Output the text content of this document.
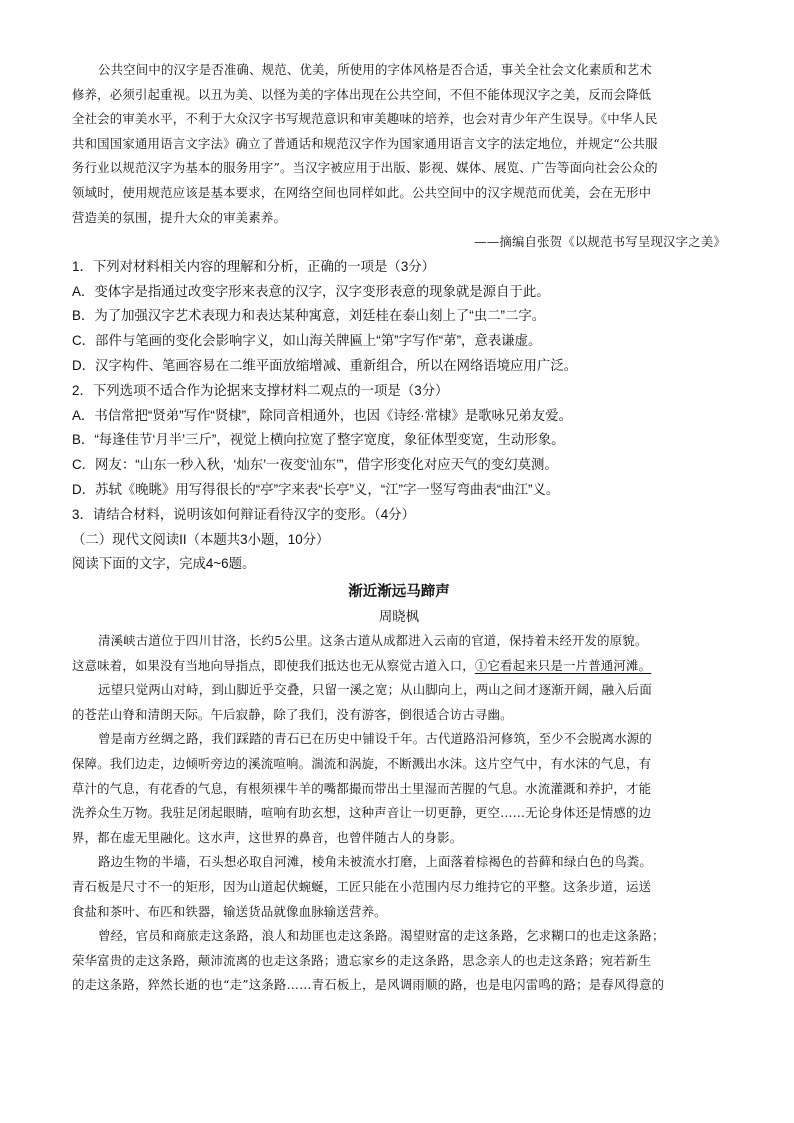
公共空间中的汉字是否准确、规范、优美，所使用的字体风格是否合适，事关全社会文化素质和艺术
修养，必须引起重视。以丑为美、以怪为美的字体出现在公共空间，不但不能体现汉字之美，反而会降低
全社会的审美水平，不利于大众汉字书写规范意识和审美趣味的培养，也会对青少年产生误导。《中华人民
共和国国家通用语言文字法》确立了普通话和规范汉字作为国家通用语言文字的法定地位，并规定“公共服
务行业以规范汉字为基本的服务用字”。当汉字被应用于出版、影视、媒体、展览、广告等面向社会公众的
领域时，使用规范应该是基本要求，在网络空间也同样如此。公共空间中的汉字规范而优美，会在无形中
营造美的氛围，提升大众的审美素养。

——摘编自张贺《以规范书写呈现汉字之美》

1．下列对材料相关内容的理解和分析，正确的一项是（3分）

A．变体字是指通过改变字形来表意的汉字，汉字变形表意的现象就是源自于此。

B．为了加强汉字艺术表现力和表达某种寓意，刘廷桂在泰山刻上了“虫二”二字。

C．部件与笔画的变化会影响字义，如山海关牌匾上“第”字写作“苐”，意表谦虚。

D．汉字构件、笔画容易在二维平面放缩增减、重新组合，所以在网络语境应用广泛。

2．下列选项不适合作为论据来支撑材料二观点的一项是（3分）

A．书信常把“贤弟”写作“贤棣”，除同音相通外，也因《诗经·常棣》是歌咏兄弟友爱。

B．“每逢佳节‘月半’三斤”，视觉上横向拉宽了整字宽度，象征体型变宽，生动形象。

C．网友：“山东一秒入秋，‘灿东’一夜变‘汕东’”，借字形变化对应天气的变幻莫测。

D．苏轼《晚眺》用写得很长的“亭”字来表“长亭”义，“江”字一竖写弯曲表“曲江”义。

3．请结合材料，说明该如何辩证看待汉字的变形。（4分）

（二）现代文阅读II（本题共3小题，10分）

阅读下面的文字，完成4~6题。

渐近渐远马蹄声

周晓枫

清溪峡古道位于四川甘洛，长约5公里。这条古道从成都进入云南的官道，保持着未经开发的原貌。
这意味着，如果没有当地向导指点，即使我们抵达也无从察觉古道入口，①它看起来只是一片普通河滩。

远望只觉两山对峙，到山脚近乎交叠，只留一溪之宽；从山脚向上，两山之间才逐渐开阔，融入后面
的苍茫山脊和清朗天际。午后寂静，除了我们，没有游客，倒很适合访古寻幽。

曾是南方丝绸之路，我们踩踏的青石已在历史中铺设千年。古代道路沿河修筑，至少不会脱离水源的
保障。我们边走，边倾听旁边的溪流喧响。湍流和涡旋，不断溅出水沫。这片空气中，有水沫的气息，有
草汁的气息，有花香的气息，有根须裸牛羊的嘴都撮而带出土里湿而苦腥的气息。水流灌溉和养护，才能
洗养众生万物。我驻足闭起眼睛，喧响有助玄想，这种声音让一切更静，更空……无论身体还是情感的边
界，都在虚无里融化。这水声，这世界的鼻音，也曾伴随古人的身影。

路边生物的半墙，石头想必取自河滩，棱角未被流水打磨，上面落着棕褐色的苔藓和绿白色的鸟粪。
青石板是尺寸不一的矩形，因为山道起伏蜿蜒，工匠只能在小范围内尽力维持它的平整。这条步道，运送
食盐和茶叶、布匹和铁器，输送货品就像血脉输送营养。

曾经，官员和商旅走这条路，浪人和劫匪也走这条路。渴望财富的走这条路，乞求糊口的也走这条路；
荣华富贵的走这条路，颠沛流离的也走这条路；遗忘家乡的走这条路，思念亲人的也走这条路；宛若新生
的走这条路，猝然长逝的也“走”这条路……青石板上，是风调雨顺的路，也是电闪雷鸣的路；是春风得意的
